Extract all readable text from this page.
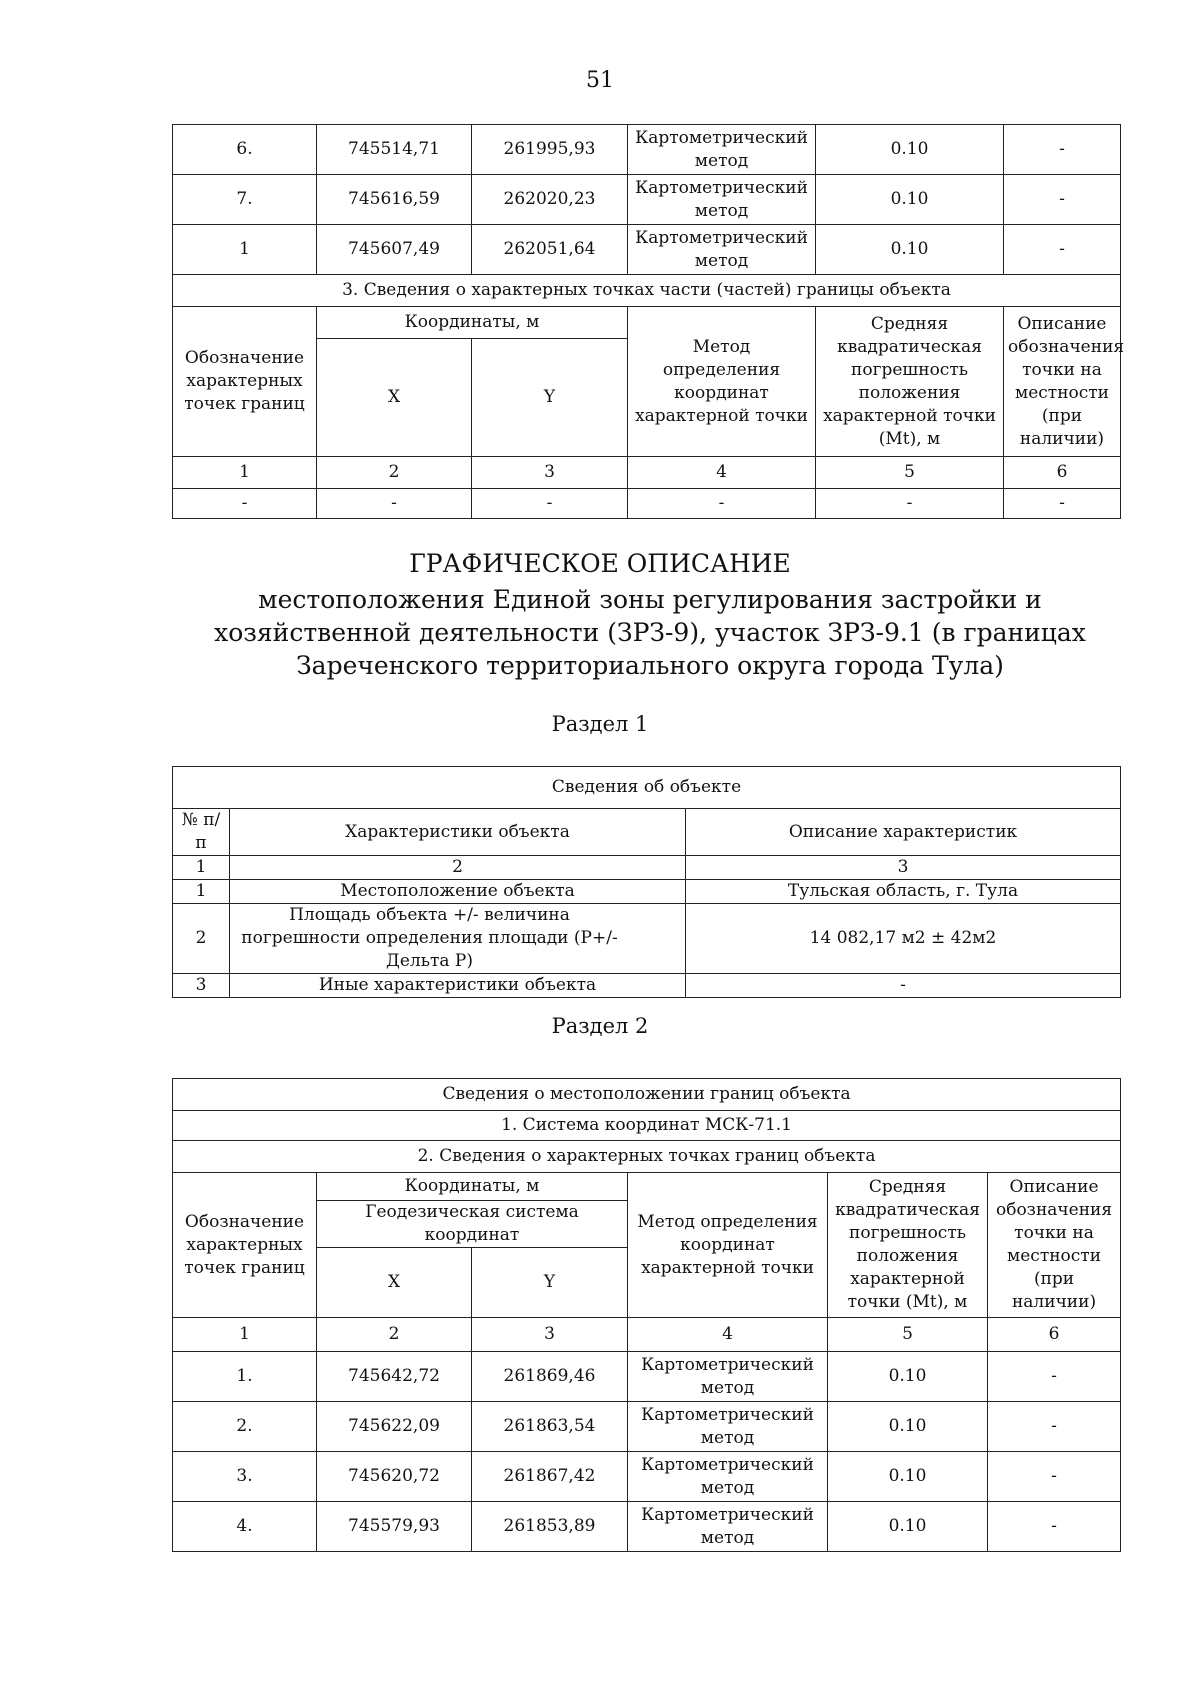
51
6.	745514,71	261995,93	Картометрический метод	0.10	-
7.	745616,59	262020,23	Картометрический метод	0.10	-
1	745607,49	262051,64	Картометрический метод	0.10	-
3. Сведения о характерных точках части (частей) границы объекта					
Обозначение характерных точек границ	Координаты, м		Метод определения координат характерной точки	Средняя квадратическая погрешность положения характерной точки (Mt), м	Описание обозначения точки на местности (при наличии)
	X	Y			
1	2	3	4	5	6
-	-	-	-	-	-
ГРАФИЧЕСКОЕ ОПИСАНИЕ
местоположения Единой зоны регулирования застройки и хозяйственной деятельности (ЗРЗ-9), участок ЗРЗ-9.1 (в границах Зареченского территориального округа города Тула)
Раздел 1
Сведения об объекте		
№ п/п	Характеристики объекта	Описание характеристик
1	2	3
1	Местоположение объекта	Тульская область, г. Тула
2	Площадь объекта +/- величина погрешности определения площади (P+/- Дельта P)	14 082,17 м2 ± 42м2
3	Иные характеристики объекта	-
Раздел 2
Сведения о местоположении границ объекта					
1. Система координат МСК-71.1					
2. Сведения о характерных точках границ объекта					
Обозначение характерных точек границ	Координаты, м		Метод определения координат характерной точки	Средняя квадратическая погрешность положения характерной точки (Mt), м	Описание обозначения точки на местности (при наличии)
	Геодезическая система координат				
	X	Y			
1	2	3	4	5	6
1.	745642,72	261869,46	Картометрический метод	0.10	-
2.	745622,09	261863,54	Картометрический метод	0.10	-
3.	745620,72	261867,42	Картометрический метод	0.10	-
4.	745579,93	261853,89	Картометрический метод	0.10	-
